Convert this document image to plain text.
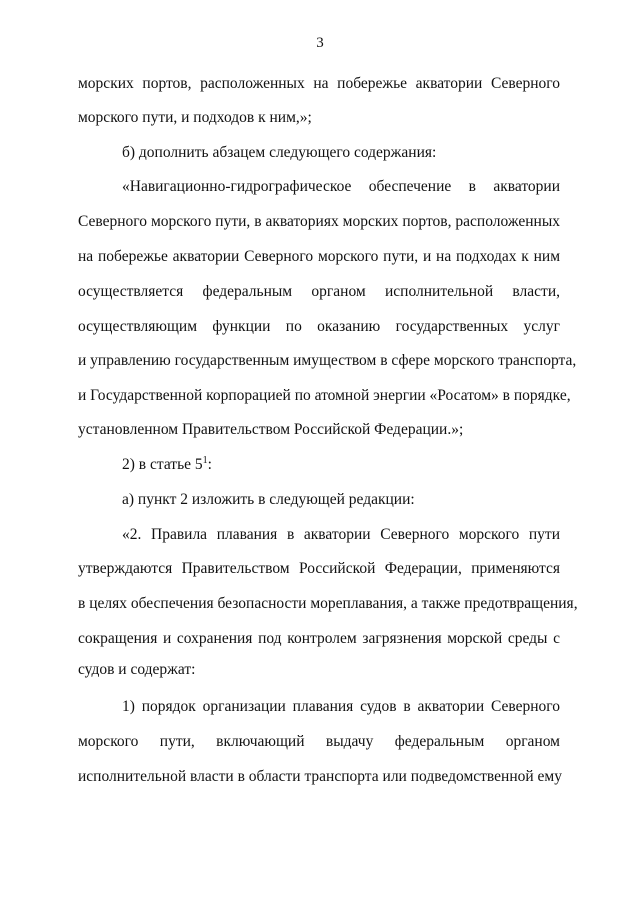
3

морских портов, расположенных на побережье акватории Северного

морского пути, и подходов к ним,»;

б) дополнить абзацем следующего содержания:

«Навигационно-гидрографическое обеспечение в акватории

Северного морского пути, в акваториях морских портов, расположенных

на побережье акватории Северного морского пути, и на подходах к ним

осуществляется федеральным органом исполнительной власти,

осуществляющим функции по оказанию государственных услуг

и управлению государственным имуществом в сфере морского транспорта,

и Государственной корпорацией по атомной энергии «Росатом» в порядке,

установленном Правительством Российской Федерации.»;

2) в статье $5^1$:

а) пункт 2 изложить в следующей редакции:

«2. Правила плавания в акватории Северного морского пути

утверждаются Правительством Российской Федерации, применяются

в целях обеспечения безопасности мореплавания, а также предотвращения,

сокращения и сохранения под контролем загрязнения морской среды с

судов и содержат:

1) порядок организации плавания судов в акватории Северного

морского пути, включающий выдачу федеральным органом

исполнительной власти в области транспорта или подведомственной ему
